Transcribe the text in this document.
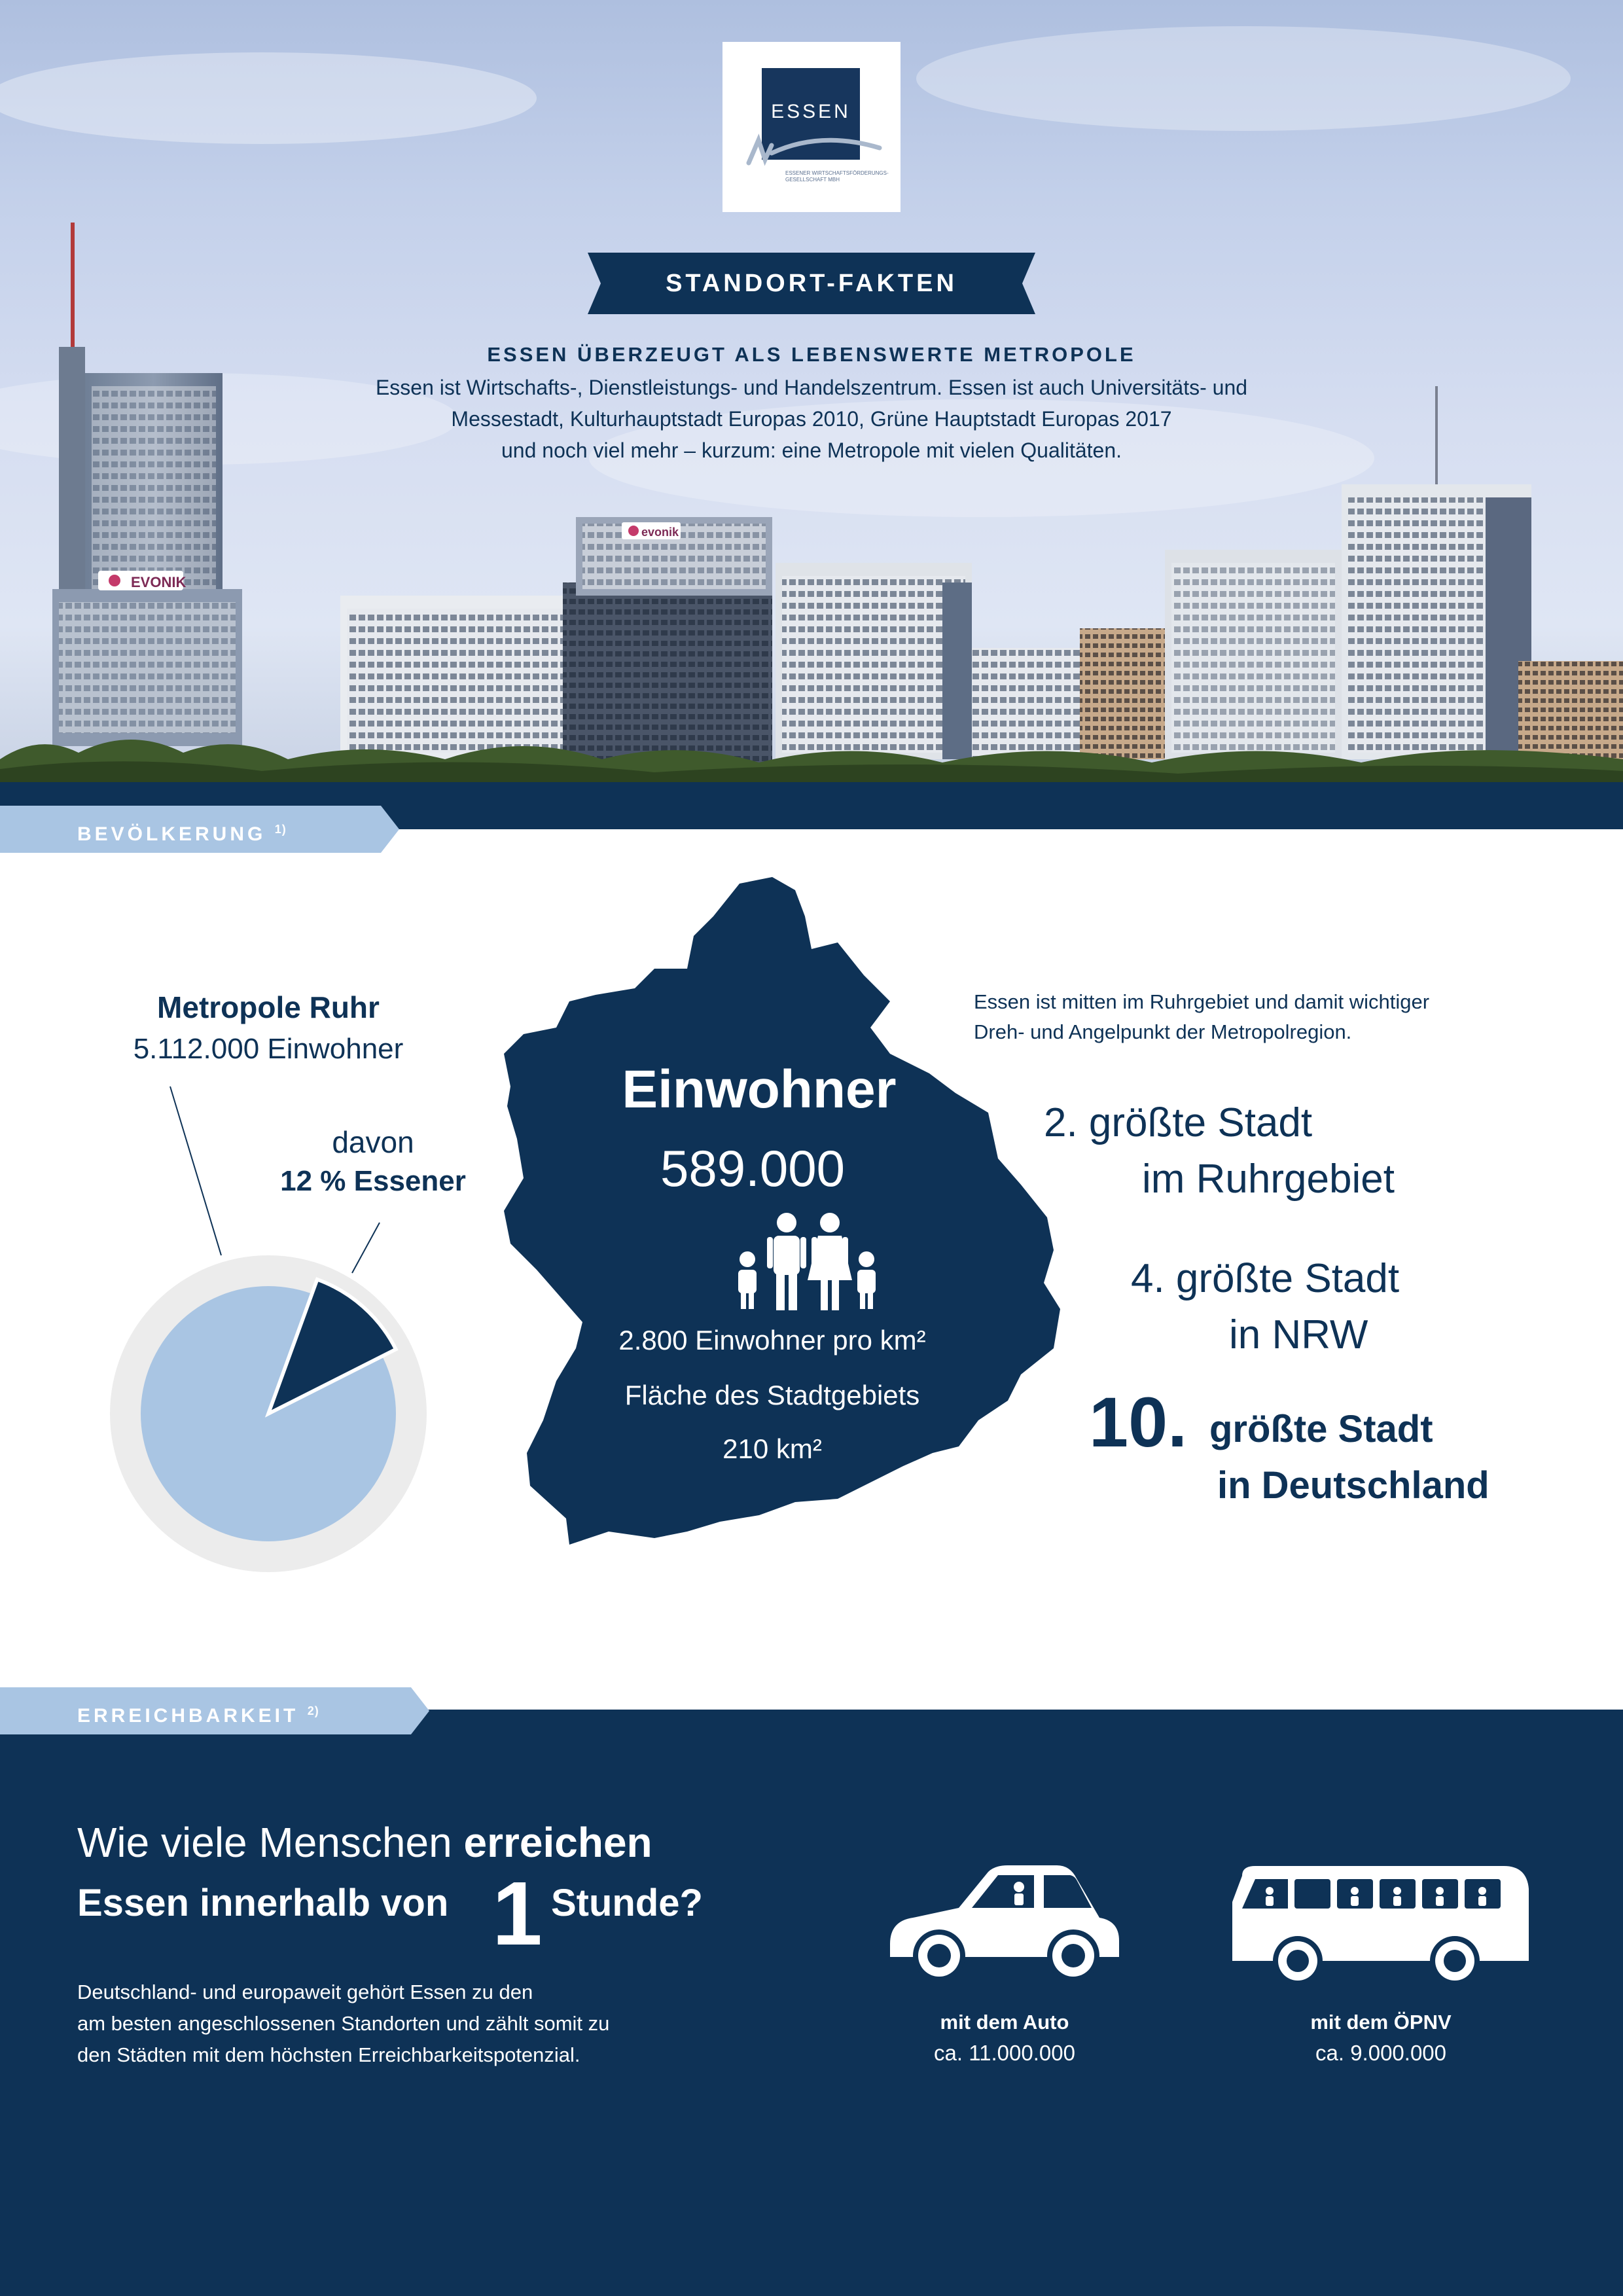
EVONIK
evonik
ESSEN
ESSENER WIRTSCHAFTSFÖRDERUNGS-GESELLSCHAFT MBH
STANDORT-FAKTEN
ESSEN ÜBERZEUGT ALS LEBENSWERTE METROPOLE
Essen ist Wirtschafts-, Dienstleistungs- und Handelszentrum. Essen ist auch Universitäts- und
Messestadt, Kulturhauptstadt Europas 2010, Grüne Hauptstadt Europas 2017
und noch viel mehr – kurzum: eine Metropole mit vielen Qualitäten.
BEVÖLKERUNG $^{1)}$
Metropole Ruhr
5.112.000 Einwohner
davon
12 % Essener
Einwohner
589.000
2.800 Einwohner pro km²
Fläche des Stadtgebiets
210 km²
Essen ist mitten im Ruhrgebiet und damit wichtiger
Dreh- und Angelpunkt der Metropolregion.
2. größte Stadt
im Ruhrgebiet
4. größte Stadt
in NRW
10. größte Stadt
in Deutschland
ERREICHBARKEIT $^{2)}$
Wie viele Menschen erreichen
Essen innerhalb von 1 Stunde?
Deutschland- und europaweit gehört Essen zu den
am besten angeschlossenen Standorten und zählt somit zu
den Städten mit dem höchsten Erreichbarkeitspotenzial.
mit dem Auto
ca. 11.000.000
mit dem ÖPNV
ca. 9.000.000
